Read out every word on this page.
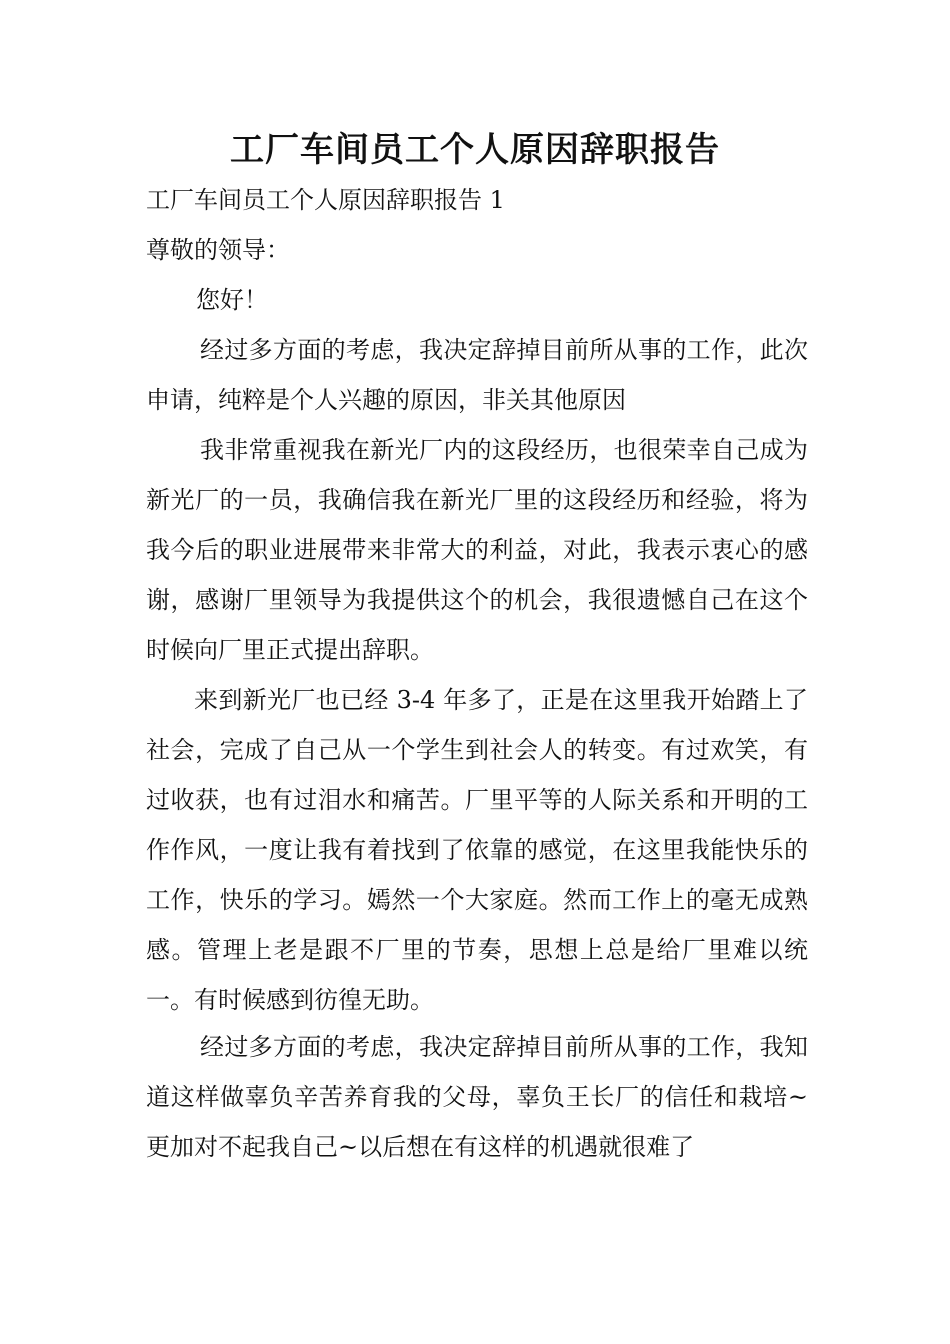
工厂车间员工个人原因辞职报告
工厂车间员工个人原因辞职报告 1
尊敬的领导：
您好！

经过多方面的考虑，我决定辞掉目前所从事的工作，此次申请，纯粹是个人兴趣的原因，非关其他原因

我非常重视我在新光厂内的这段经历，也很荣幸自己成为新光厂的一员，我确信我在新光厂里的这段经历和经验，将为我今后的职业进展带来非常大的利益，对此，我表示衷心的感谢，感谢厂里领导为我提供这个的机会，我很遗憾自己在这个时候向厂里正式提出辞职。

来到新光厂也已经 3-4 年多了，正是在这里我开始踏上了社会，完成了自己从一个学生到社会人的转变。有过欢笑，有过收获，也有过泪水和痛苦。厂里平等的人际关系和开明的工作作风，一度让我有着找到了依靠的感觉，在这里我能快乐的工作，快乐的学习。嫣然一个大家庭。然而工作上的毫无成熟感。管理上老是跟不厂里的节奏，思想上总是给厂里难以统一。有时候感到彷徨无助。

经过多方面的考虑，我决定辞掉目前所从事的工作，我知道这样做辜负辛苦养育我的父母，辜负王长厂的信任和栽培~更加对不起我自己~以后想在有这样的机遇就很难了
